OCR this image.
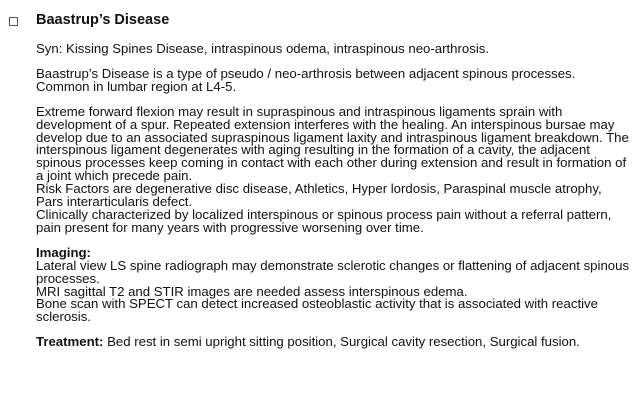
Baastrup’s Disease

Syn: Kissing Spines Disease, intraspinous odema, intraspinous neo-arthrosis.

Baastrup’s Disease is a type of pseudo / neo-arthrosis between adjacent spinous processes. Common in lumbar region at L4-5.

Extreme forward flexion may result in supraspinous and intraspinous ligaments sprain with development of a spur. Repeated extension interferes with the healing. An interspinous bursae may develop due to an associated supraspinous ligament laxity and intraspinous ligament breakdown. The interspinous ligament degenerates with aging resulting in the formation of a cavity, the adjacent spinous processes keep coming in contact with each other during extension and result in formation of a joint which precede pain.

Risk Factors are degenerative disc disease, Athletics, Hyper lordosis, Paraspinal muscle atrophy, Pars interarticularis defect.

Clinically characterized by localized interspinous or spinous process pain without a referral pattern, pain present for many years with progressive worsening over time.

Imaging:

Lateral view LS spine radiograph may demonstrate sclerotic changes or flattening of adjacent spinous processes.

MRI sagittal T2 and STIR images are needed assess interspinous edema.

Bone scan with SPECT can detect increased osteoblastic activity that is associated with reactive sclerosis.

Treatment: Bed rest in semi upright sitting position, Surgical cavity resection, Surgical fusion.
